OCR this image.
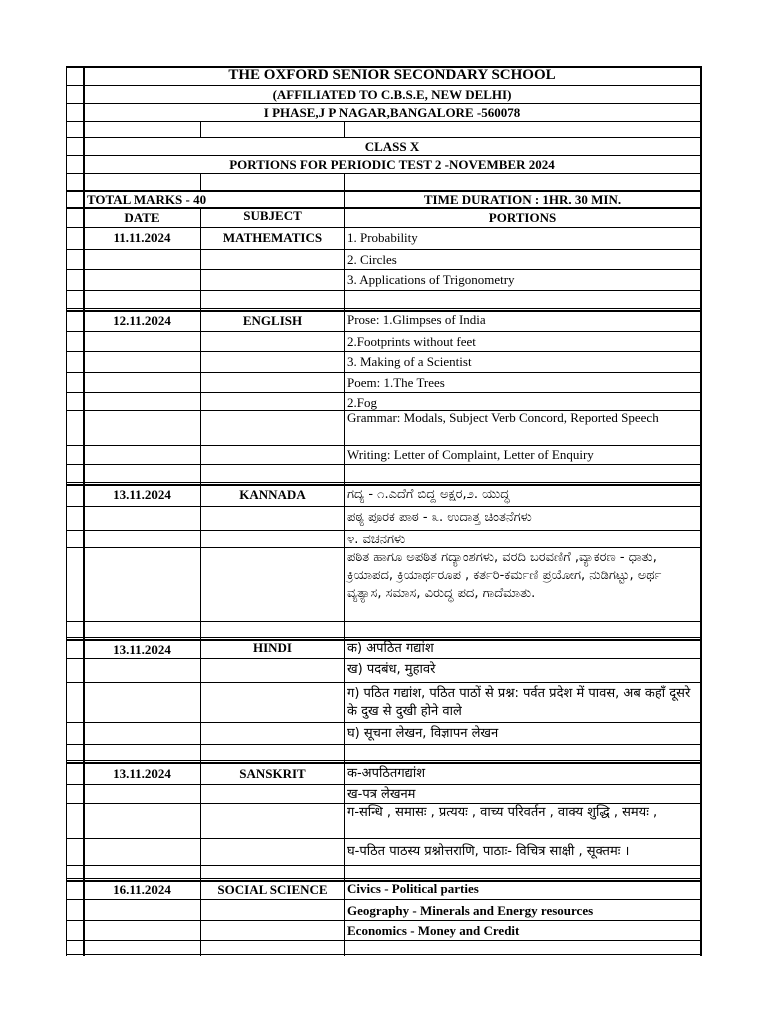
THE OXFORD SENIOR SECONDARY SCHOOL
(AFFILIATED TO C.B.S.E, NEW DELHI)
I PHASE,J P NAGAR,BANGALORE -560078
CLASS X
PORTIONS FOR PERIODIC TEST 2 -NOVEMBER 2024
TOTAL MARKS - 40	TIME DURATION : 1HR. 30 MIN.
DATE	SUBJECT	PORTIONS
11.11.2024	MATHEMATICS	1. Probability
2. Circles
3. Applications of Trigonometry
12.11.2024	ENGLISH	Prose: 1.Glimpses of India
2.Footprints without feet
3. Making of a Scientist
Poem: 1.The Trees
2.Fog
Grammar: Modals, Subject Verb Concord, Reported Speech
Writing: Letter of Complaint, Letter of Enquiry
13.11.2024	KANNADA	ಗದ್ಯ - ೧.ಎದೆಗೆ ಬಿದ್ದ ಅಕ್ಷರ,೨. ಯುದ್ಧ
ಪಠ್ಯ ಪೂರಕ ಪಾಠ - ೩. ಉದಾತ್ತ ಚಿಂತನೆಗಳು
೪. ವಚನಗಳು
ಪಠಿತ ಹಾಗೂ ಅಪಠಿತ ಗದ್ಯಾಂಶಗಳು, ವರದಿ ಬರವಣಿಗೆ ,ವ್ಯಾಕರಣ - ಧಾತು, ಕ್ರಿಯಾಪದ, ಕ್ರಿಯಾರ್ಥರೂಪ , ಕರ್ತರಿ-ಕರ್ಮಣಿ ಪ್ರಯೋಗ, ನುಡಿಗಟ್ಟು, ಅರ್ಥ ವ್ಯತ್ಯಾಸ, ಸಮಾಸ, ವಿರುದ್ಧ ಪದ, ಗಾದೆಮಾತು.
13.11.2024	HINDI	क) अपठित गद्यांश
ख) पदबंध, मुहावरे
ग) पठित गद्यांश, पठित पाठों से प्रश्न: पर्वत प्रदेश में पावस, अब कहाँ दूसरे के दुख से दुखी होने वाले
घ) सूचना लेखन, विज्ञापन लेखन
13.11.2024	SANSKRIT	क-अपठितगद्यांश
ख-पत्र लेखनम
ग-सन्धि , समासः , प्रत्ययः , वाच्य परिवर्तन , वाक्य शुद्धि , समयः ,
घ-पठित पाठस्य प्रश्नोत्तराणि, पाठाः- विचित्र साक्षी , सूक्तमः ।
16.11.2024	SOCIAL SCIENCE	Civics - Political parties
Geography - Minerals and Energy resources
Economics - Money and Credit
